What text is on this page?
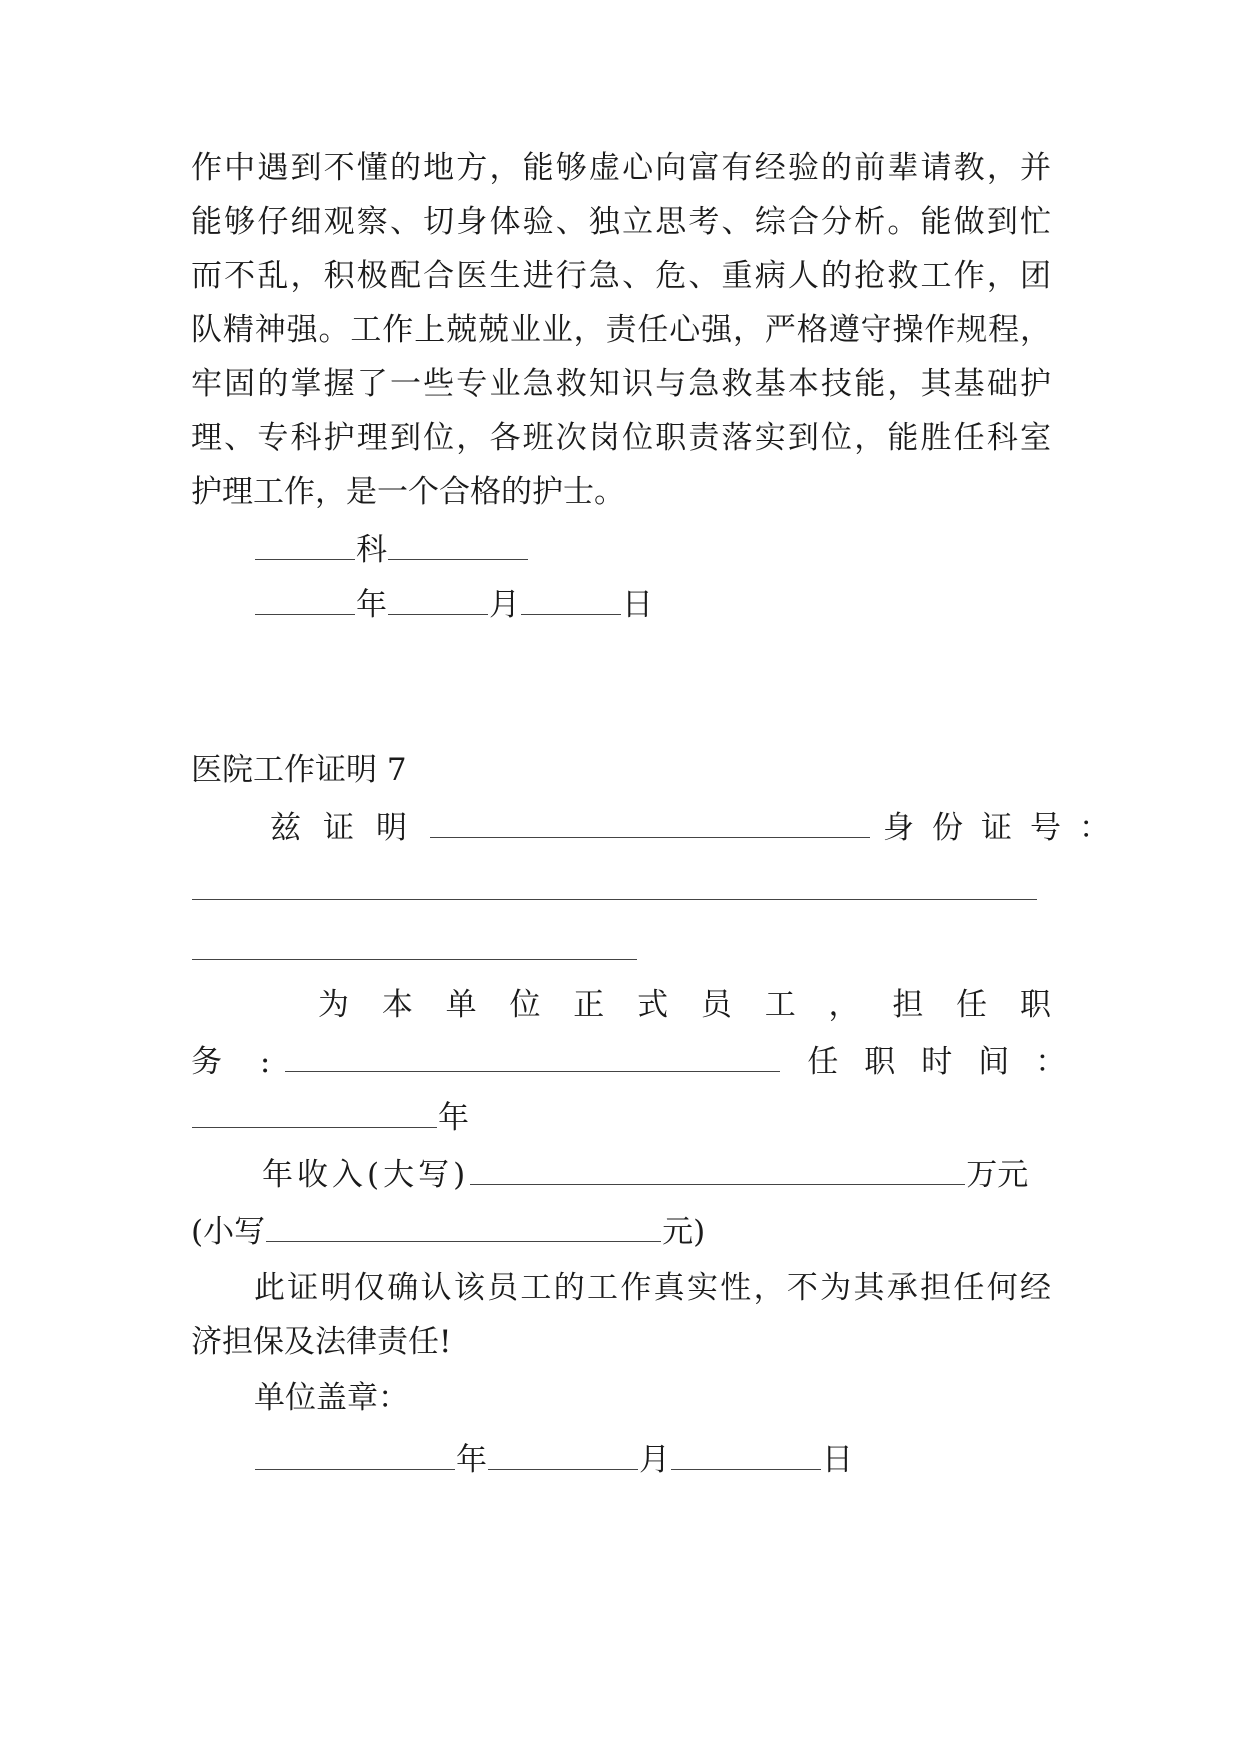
作中遇到不懂的地方，能够虚心向富有经验的前辈请教，并
能够仔细观察、切身体验、独立思考、综合分析。能做到忙
而不乱，积极配合医生进行急、危、重病人的抢救工作，团
队精神强。工作上兢兢业业，责任心强，严格遵守操作规程，
牢固的掌握了一些专业急救知识与急救基本技能，其基础护
理、专科护理到位，各班次岗位职责落实到位，能胜任科室
护理工作，是一个合格的护士。
科
年	月	日
医院工作证明 7
兹证明	身份证号：
为本单位正式员工，担任职
务 :	任职时间：
年
年收入(大写)	万元
(小写	元)
此证明仅确认该员工的工作真实性，不为其承担任何经
济担保及法律责任!
单位盖章：
年	月	日
